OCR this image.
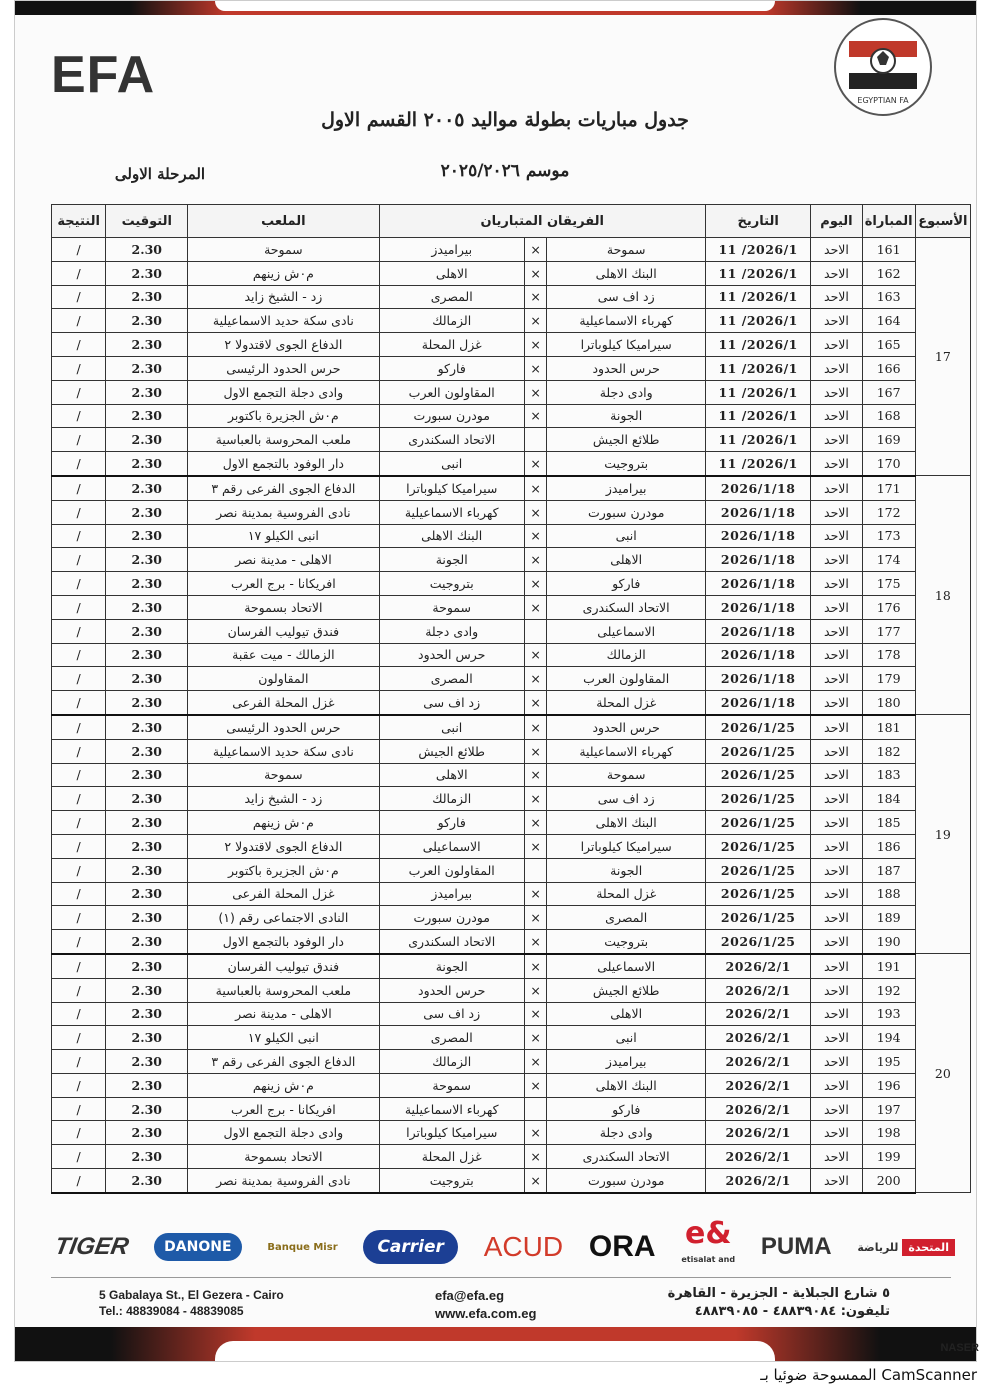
EFA	EGYPTIAN FA
جدول مباريات بطولة مواليد ٢٠٠٥ القسم الاول
موسم ٢٠٢٥/٢٠٢٦
المرحلة الاولى
الأسبوع	المباراة	اليوم	التاريخ	الفريقان المتباريان			الملعب	التوقيت	النتيجة
17	161	الاحد	2026/1/ 11	سموحة	×	بيراميدز	سموحة	2.30	/
	162	الاحد	2026/1/ 11	البنك الاهلى	×	الاهلى	م٠ش زينهم	2.30	/
	163	الاحد	2026/1/ 11	زد اف سى	×	المصرى	زد - الشيخ زايد	2.30	/
	164	الاحد	2026/1/ 11	كهرباء الاسماعيلية	×	الزمالك	نادى سكة حديد الاسماعيلية	2.30	/
	165	الاحد	2026/1/ 11	سيراميكا كيلوباترا	×	غزل المحلة	الدفاع الجوى لاقتدولا ٢	2.30	/
	166	الاحد	2026/1/ 11	حرس الحدود	×	فاركو	حرس الحدود الرئيسى	2.30	/
	167	الاحد	2026/1/ 11	وادى دجلة	×	المقاولون العرب	وادى دجلة التجمع الاول	2.30	/
	168	الاحد	2026/1/ 11	الجونة	×	مودرن سبورت	م٠ش الجزيرة باكتوبر	2.30	/
	169	الاحد	2026/1/ 11	طلائع الجيش		الاتحاد السكندرى	ملعب المحروسة بالعباسية	2.30	/
	170	الاحد	2026/1/ 11	بتروجيت	×	انبى	دار الوفود بالتجمع الاول	2.30	/
18	171	الاحد	2026/1/18	بيراميدز	×	سيراميكا كيلوباترا	الدفاع الجوى الفرعى رقم ٣	2.30	/
	172	الاحد	2026/1/18	مودرن سبورت	×	كهرباء الاسماعيلية	نادى الفروسية بمدينة نصر	2.30	/
	173	الاحد	2026/1/18	انبى	×	البنك الاهلى	انبى الكيلو ١٧	2.30	/
	174	الاحد	2026/1/18	الاهلى	×	الجونة	الاهلى - مدينة نصر	2.30	/
	175	الاحد	2026/1/18	فاركو	×	بتروجيت	افريكانا - برج العرب	2.30	/
	176	الاحد	2026/1/18	الاتحاد السكندرى	×	سموحة	الاتحاد بسموحة	2.30	/
	177	الاحد	2026/1/18	الاسماعيلى		وادى دجلة	فندق تيوليب الفرسان	2.30	/
	178	الاحد	2026/1/18	الزمالك	×	حرس الحدود	الزمالك - ميت عقبة	2.30	/
	179	الاحد	2026/1/18	المقاولون العرب	×	المصرى	المقاولون	2.30	/
	180	الاحد	2026/1/18	غزل المحلة	×	زد اف سى	غزل المحلة الفرعى	2.30	/
19	181	الاحد	2026/1/25	حرس الحدود	×	انبى	حرس الحدود الرئيسى	2.30	/
	182	الاحد	2026/1/25	كهرباء الاسماعيلية	×	طلائع الجيش	نادى سكة حديد الاسماعيلية	2.30	/
	183	الاحد	2026/1/25	سموحة	×	الاهلى	سموحة	2.30	/
	184	الاحد	2026/1/25	زد اف سى	×	الزمالك	زد - الشيخ زايد	2.30	/
	185	الاحد	2026/1/25	البنك الاهلى	×	فاركو	م٠ش زينهم	2.30	/
	186	الاحد	2026/1/25	سيراميكا كيلوباترا	×	الاسماعيلى	الدفاع الجوى لاقتدولا ٢	2.30	/
	187	الاحد	2026/1/25	الجونة		المقاولون العرب	م٠ش الجزيرة باكتوبر	2.30	/
	188	الاحد	2026/1/25	غزل المحلة	×	بيراميدز	غزل المحلة الفرعى	2.30	/
	189	الاحد	2026/1/25	المصرى	×	مودرن سبورت	النادى الاجتماعى رقم (١)	2.30	/
	190	الاحد	2026/1/25	بتروجيت	×	الاتحاد السكندرى	دار الوفود بالتجمع الاول	2.30	/
20	191	الاحد	2026/2/1	الاسماعيلى	×	الجونة	فندق تيوليب الفرسان	2.30	/
	192	الاحد	2026/2/1	طلائع الجيش	×	حرس الحدود	ملعب المحروسة بالعباسية	2.30	/
	193	الاحد	2026/2/1	الاهلى	×	زد اف سى	الاهلى - مدينة نصر	2.30	/
	194	الاحد	2026/2/1	انبى	×	المصرى	انبى الكيلو ١٧	2.30	/
	195	الاحد	2026/2/1	بيراميدز	×	الزمالك	الدفاع الجوى الفرعى رقم ٣	2.30	/
	196	الاحد	2026/2/1	البنك الاهلى	×	سموحة	م٠ش زينهم	2.30	/
	197	الاحد	2026/2/1	فاركو		كهرباء الاسماعيلية	افريكانا - برج العرب	2.30	/
	198	الاحد	2026/2/1	وادى دجلة	×	سيراميكا كيلوباترا	وادى دجلة التجمع الاول	2.30	/
	199	الاحد	2026/2/1	الاتحاد السكندرى	×	غزل المحلة	الاتحاد بسموحة	2.30	/
	200	الاحد	2026/2/1	مودرن سبورت	×	بتروجيت	نادى الفروسية بمدينة نصر	2.30	/
TIGER	DANONE	Banque Misr	Carrier	ACUD ORA e&
etisalat and PUMA	المتحدة
للرياضة
5 Gabalaya St., El Gezera - Cairo
Tel.: 48839084 - 48839085
efa@efa.eg
www.efa.com.eg
٥ شارع الجبلاية - الجزيرة - القاهرة
تليفون: ٤٨٨٣٩٠٨٤ - ٤٨٨٣٩٠٨٥
NASER
الممسوحة ضوئيا بـ CamScanner
